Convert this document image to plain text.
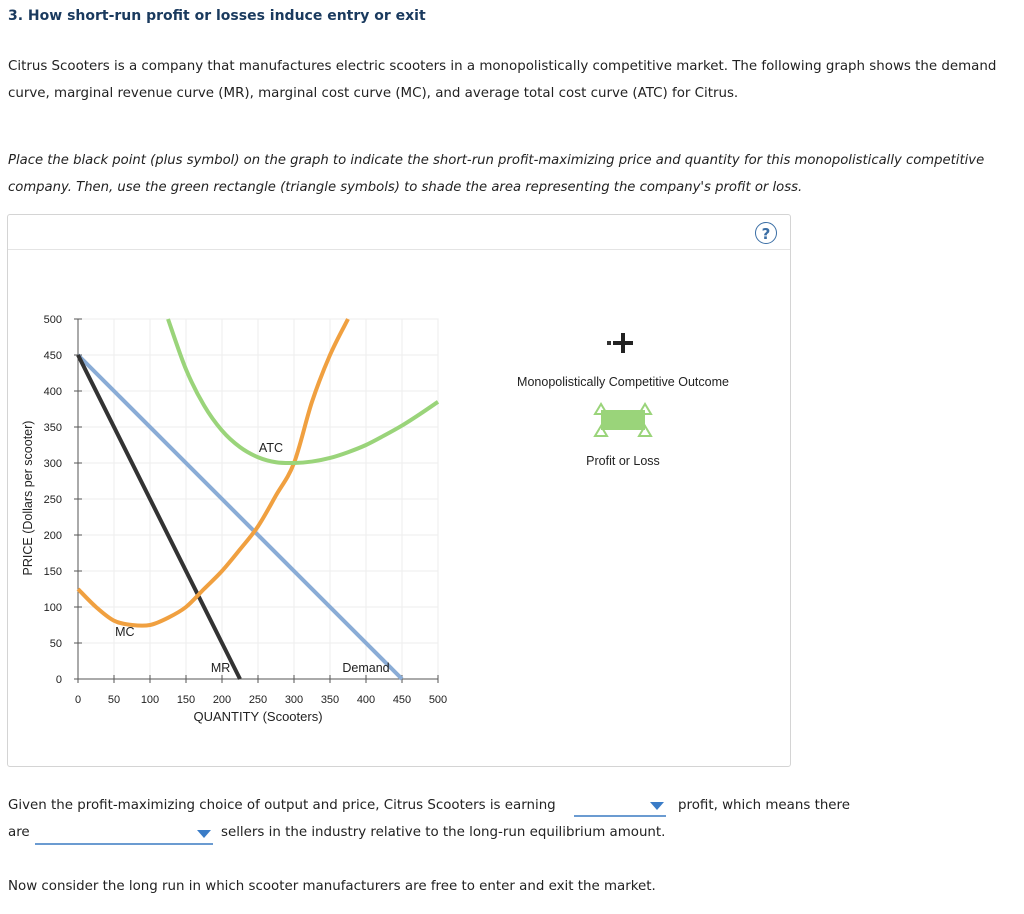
3. How short-run profit or losses induce entry or exit
Citrus Scooters is a company that manufactures electric scooters in a monopolistically competitive market. The following graph shows the demand curve, marginal revenue curve (MR), marginal cost curve (MC), and average total cost curve (ATC) for Citrus.
Place the black point (plus symbol) on the graph to indicate the short-run profit-maximizing price and quantity for this monopolistically competitive company. Then, use the green rectangle (triangle symbols) to shade the area representing the company's profit or loss.
?
0 50 100 150 200 250 300 350 400 450 500
0
50
100
150
200
250
300
350
400
450
500
MC
ATC
MR	Demand
QUANTITY (Scooters)
PRICE (Dollars per scooter)
Monopolistically Competitive Outcome
Profit or Loss
Given the profit-maximizing choice of output and price, Citrus Scooters is earning	profit, which means there
are	sellers in the industry relative to the long-run equilibrium amount.
Now consider the long run in which scooter manufacturers are free to enter and exit the market.
